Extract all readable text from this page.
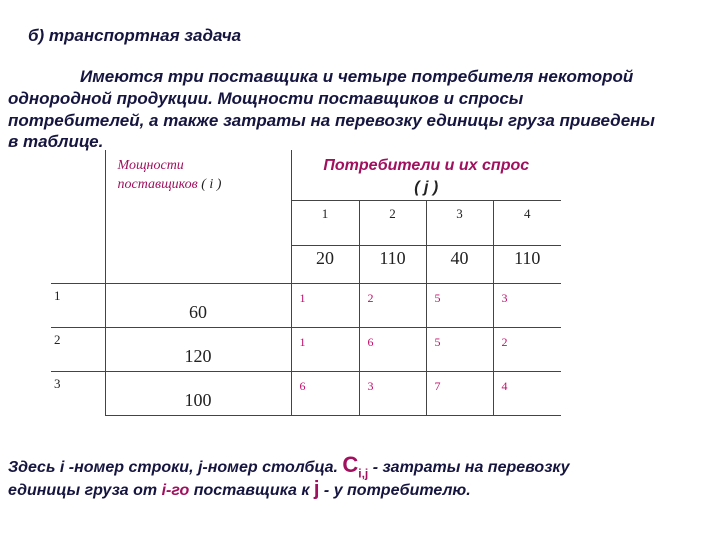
б) транспортная задача

Имеются три поставщика и четыре потребителя некоторой

однородной продукции. Мощности поставщиков и спросы

потребителей, а также затраты на перевозку единицы груза приведены

в таблице.

	Мощности
поставщиков ( i )	Потребители и их спрос
( j )			

		1	2	3	4

		20	110	40	110

1	60	1	2	5	3

2	120	1	6	5	2

3	100	6	3	7	4

Здесь i -номер строки, j-номер столбца. $C_{i,j}$ - затраты на перевозку

единицы груза от i-го поставщика к j - у потребителю.
